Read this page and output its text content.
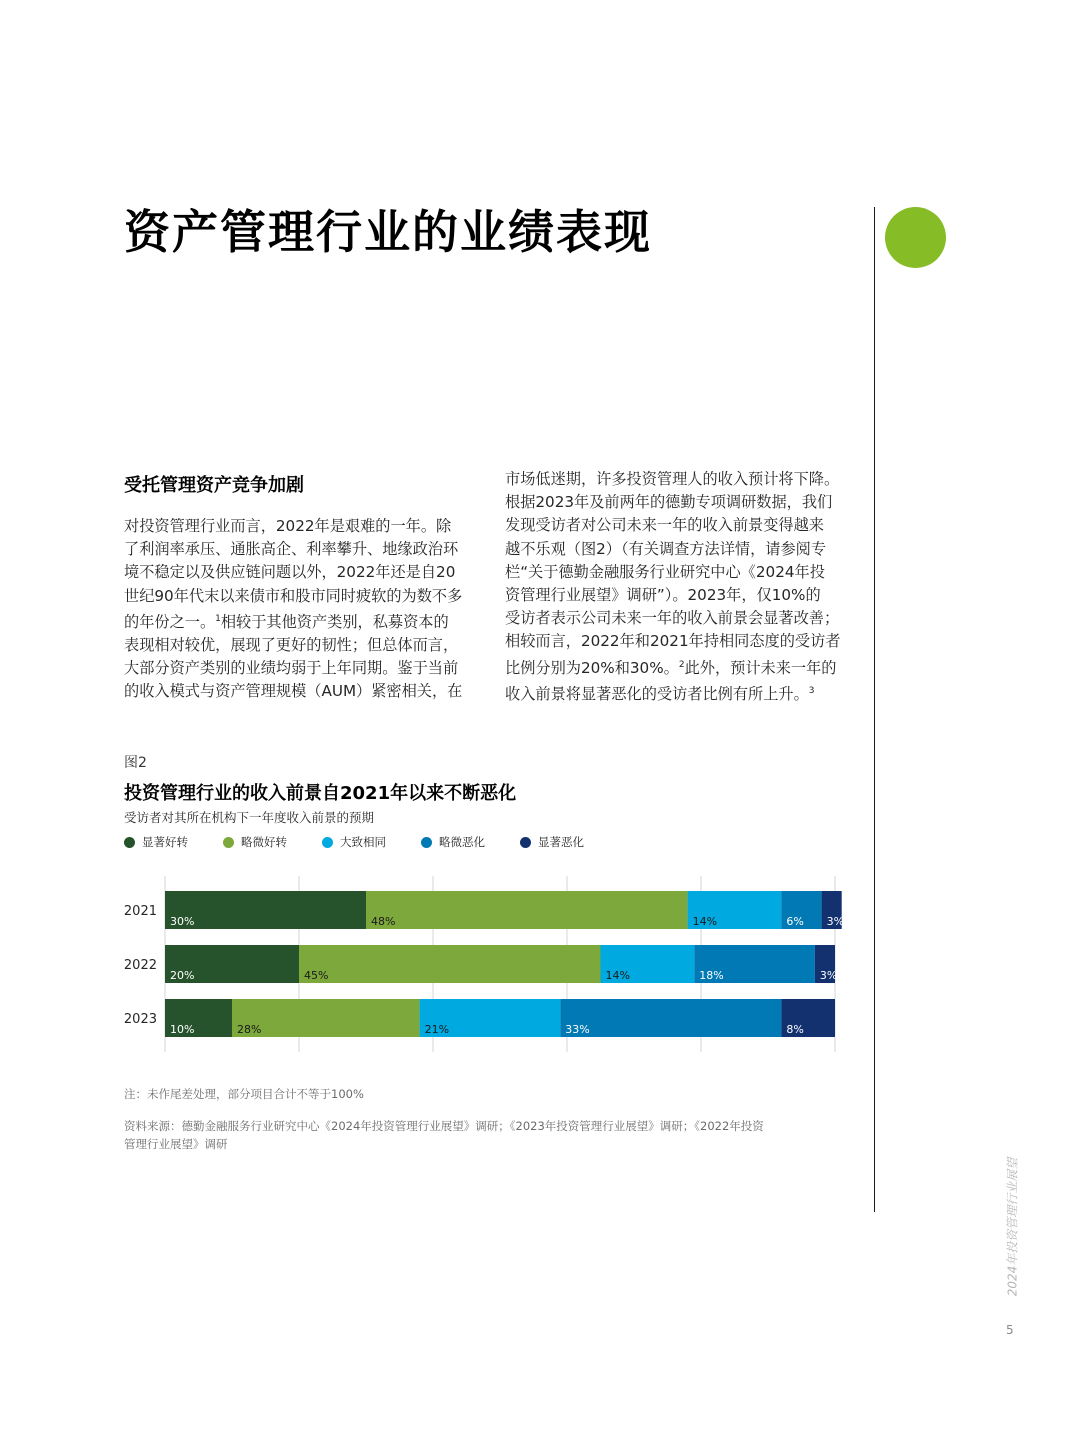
资产管理行业的业绩表现
受托管理资产竞争加剧
对投资管理行业而言，2022年是艰难的一年。除
了利润率承压、通胀高企、利率攀升、地缘政治环
境不稳定以及供应链问题以外，2022年还是自20
世纪90年代末以来债市和股市同时疲软的为数不多
的年份之一。$^1$相较于其他资产类别，私募资本的
表现相对较优，展现了更好的韧性；但总体而言，
大部分资产类别的业绩均弱于上年同期。鉴于当前
的收入模式与资产管理规模（AUM）紧密相关，在
市场低迷期，许多投资管理人的收入预计将下降。
根据2023年及前两年的德勤专项调研数据，我们
发现受访者对公司未来一年的收入前景变得越来
越不乐观（图2）（有关调查方法详情，请参阅专
栏“关于德勤金融服务行业研究中心《2024年投
资管理行业展望》调研”）。2023年，仅10%的
受访者表示公司未来一年的收入前景会显著改善；
相较而言，2022年和2021年持相同态度的受访者
比例分别为20%和30%。$^2$此外，预计未来一年的
收入前景将显著恶化的受访者比例有所上升。$^3$
图2
投资管理行业的收入前景自2021年以来不断恶化
受访者对其所在机构下一年度收入前景的预期
显著好转	略微好转	大致相同	略微恶化	显著恶化
2021
30%	48%	14%	6% 3%
2022
20%	45%	14%	18%	3%
2023
10%	28%	21%	33%	8%
注：未作尾差处理，部分项目合计不等于100%
资料来源：德勤金融服务行业研究中心《2024年投资管理行业展望》调研；《2023年投资管理行业展望》调研；《2022年投资
管理行业展望》调研
2024年投资管理行业展望
5
